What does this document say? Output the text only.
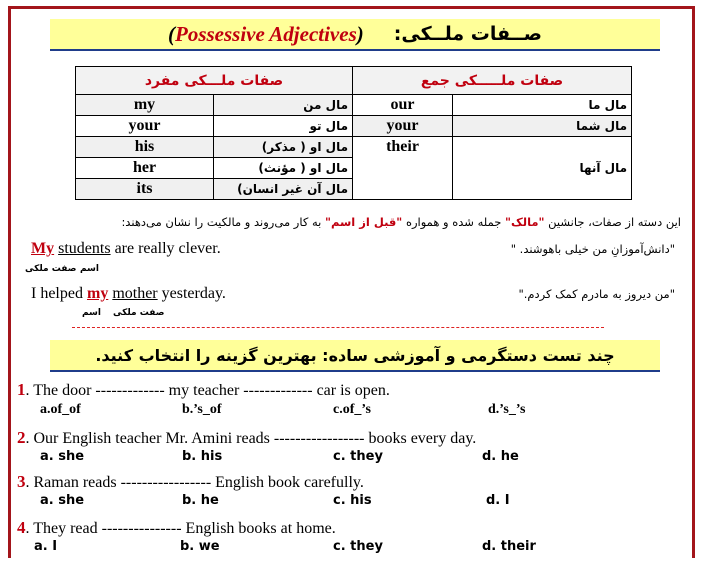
صــفات ملــکی:
(Possessive Adjectives)
صفات ملـــکی مفرد		صفات ملـــــکی جمع	
my	مال من	our	مال ما
your	مال تو	your	مال شما
his	مال او ( مذکر)	their	مال آنها
her	مال او ( مؤنث)		
its	مال آن غیر انسان)		
این دسته از صفات، جانشین "مالک" جمله شده و همواره "قبل از اسم" به کار می‌روند و مالکیت را نشان می‌دهند:
My students are really clever.
صفت ملکی اسم
"دانش‌آموزانِ من خیلی باهوشند. "
I helped my mother yesterday.
اسم صفت ملکی
"من دیروز به مادرم کمک کردم."
چند تست دستگرمی و آموزشی ساده: بهترین گزینه را انتخاب کنید.
1. The door ------------- my teacher ------------- car is open.
a.of_of	b.’s_of	c.of_’s	d.’s_’s
2. Our English teacher Mr. Amini reads ----------------- books every day.
a. she	b. his	c. they	d. he
3. Raman reads ----------------- English book carefully.
a. she	b. he	c. his	d. I
4. They read --------------- English books at home.
a. I	b. we	c. they	d. their
